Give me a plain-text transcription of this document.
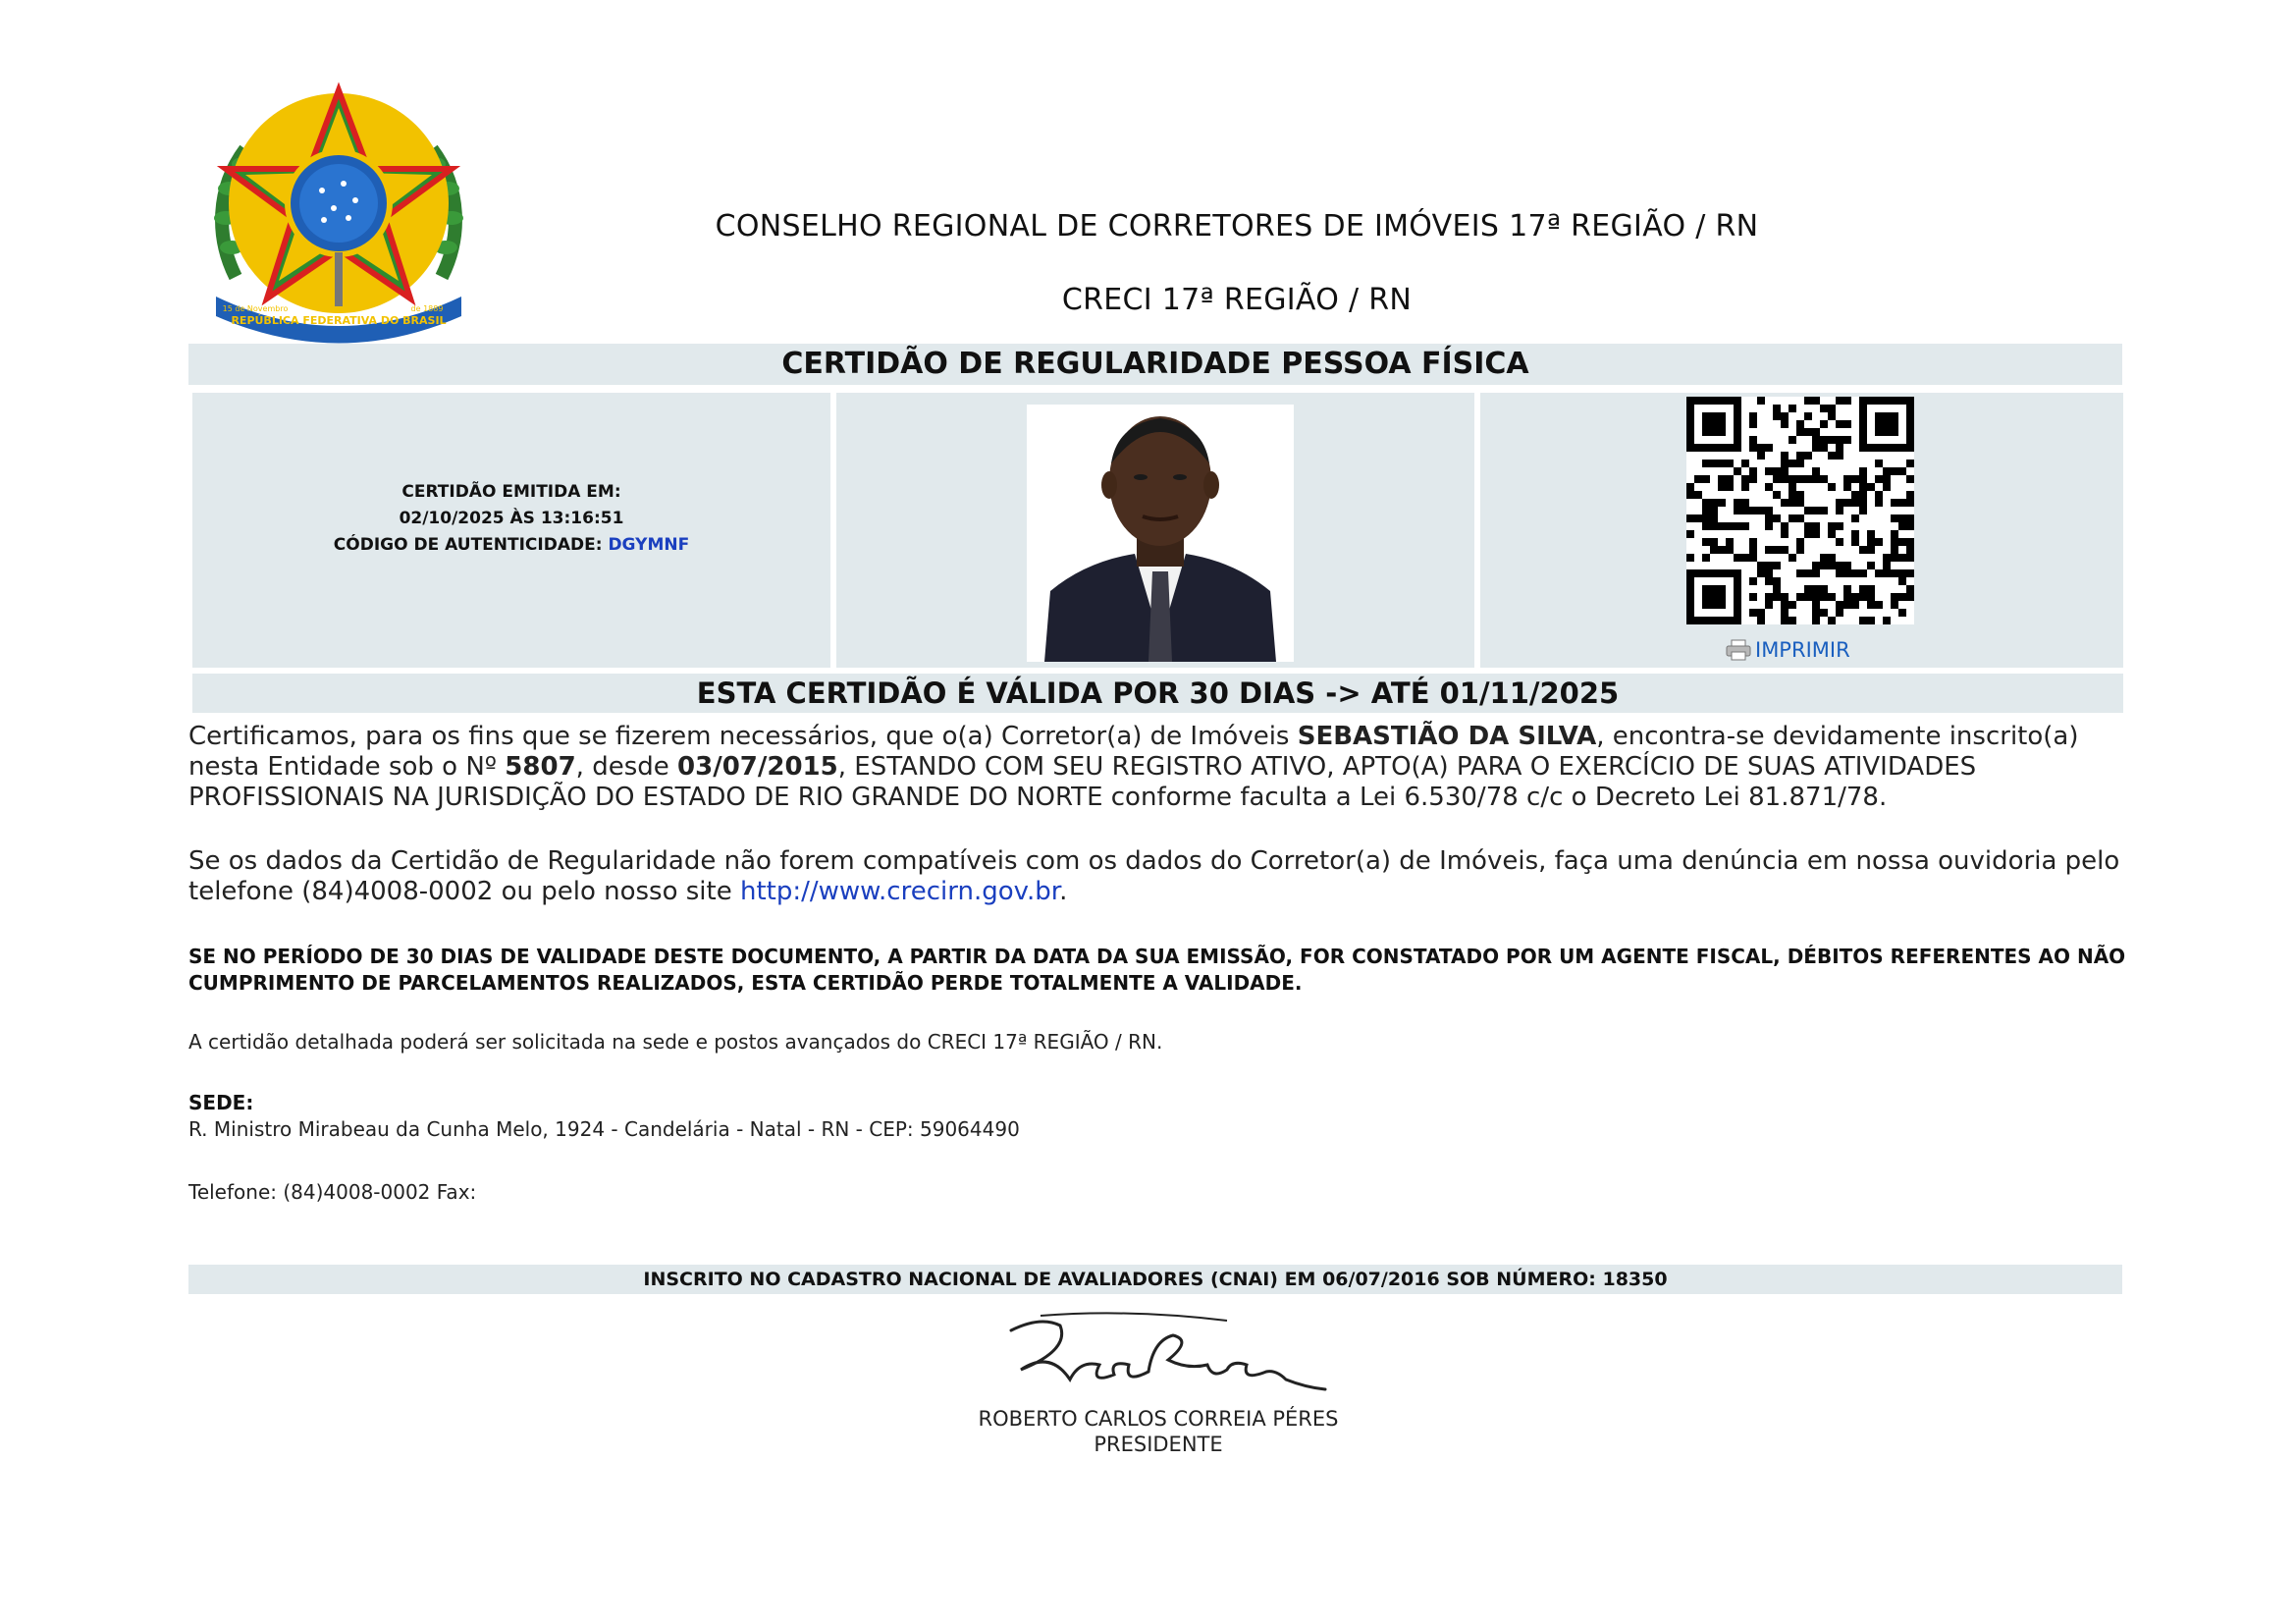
REPÚBLICA FEDERATIVA DO BRASIL
15 de Novembro	de 1889
CONSELHO REGIONAL DE CORRETORES DE IMÓVEIS 17ª REGIÃO / RN
CRECI 17ª REGIÃO / RN
CERTIDÃO DE REGULARIDADE PESSOA FÍSICA
CERTIDÃO EMITIDA EM:
02/10/2025 ÀS 13:16:51
CÓDIGO DE AUTENTICIDADE: DGYMNF
IMPRIMIR
ESTA CERTIDÃO É VÁLIDA POR 30 DIAS -> ATÉ 01/11/2025
Certificamos, para os fins que se fizerem necessários, que o(a) Corretor(a) de Imóveis SEBASTIÃO DA SILVA, encontra-se devidamente inscrito(a) nesta Entidade sob o Nº 5807, desde 03/07/2015, ESTANDO COM SEU REGISTRO ATIVO, APTO(A) PARA O EXERCÍCIO DE SUAS ATIVIDADES PROFISSIONAIS NA JURISDIÇÃO DO ESTADO DE RIO GRANDE DO NORTE conforme faculta a Lei 6.530/78 c/c o Decreto Lei 81.871/78.
Se os dados da Certidão de Regularidade não forem compatíveis com os dados do Corretor(a) de Imóveis, faça uma denúncia em nossa ouvidoria pelo telefone (84)4008-0002 ou pelo nosso site http://www.crecirn.gov.br.
SE NO PERÍODO DE 30 DIAS DE VALIDADE DESTE DOCUMENTO, A PARTIR DA DATA DA SUA EMISSÃO, FOR CONSTATADO POR UM AGENTE FISCAL, DÉBITOS REFERENTES AO NÃO CUMPRIMENTO DE PARCELAMENTOS REALIZADOS, ESTA CERTIDÃO PERDE TOTALMENTE A VALIDADE.
A certidão detalhada poderá ser solicitada na sede e postos avançados do CRECI 17ª REGIÃO / RN.
SEDE:
R. Ministro Mirabeau da Cunha Melo, 1924 - Candelária - Natal - RN - CEP: 59064490
Telefone: (84)4008-0002 Fax:
INSCRITO NO CADASTRO NACIONAL DE AVALIADORES (CNAI) EM 06/07/2016 SOB NÚMERO: 18350
ROBERTO CARLOS CORREIA PÉRES
PRESIDENTE
